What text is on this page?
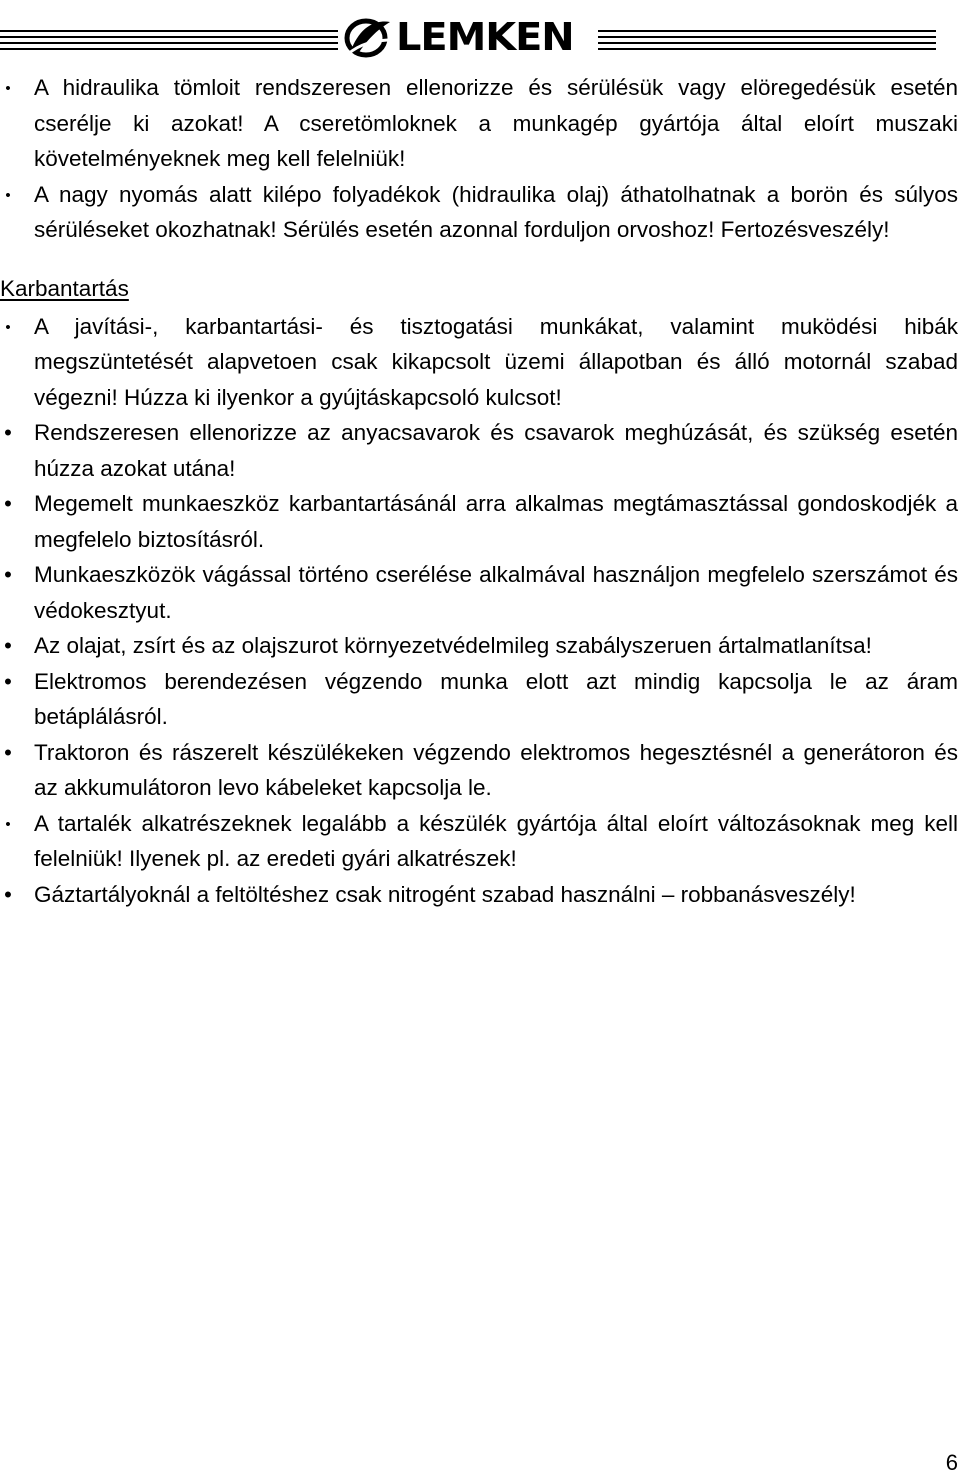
LEMKEN
• A hidraulika tömloit rendszeresen ellenorizze és sérülésük vagy elöregedésük esetén cserélje ki azokat! A cseretömloknek a munkagép gyártója által eloírt muszaki követelményeknek meg kell felelniük!
• A nagy nyomás alatt kilépo folyadékok (hidraulika olaj) áthatolhatnak a borön és súlyos sérüléseket okozhatnak! Sérülés esetén azonnal forduljon orvoshoz! Fertozésveszély!
Karbantartás
• A javítási-, karbantartási- és tisztogatási munkákat, valamint muködési hibák megszüntetését alapvetoen csak kikapcsolt üzemi állapotban és álló motornál szabad végezni! Húzza ki ilyenkor a gyújtáskapcsoló kulcsot!
• Rendszeresen ellenorizze az anyacsavarok és csavarok meghúzását, és szükség esetén húzza azokat utána!
• Megemelt munkaeszköz karbantartásánál arra alkalmas megtámasztással gondoskodjék a megfelelo biztosításról.
• Munkaeszközök vágással történo cserélése alkalmával használjon megfelelo szerszámot és védokesztyut.
• Az olajat, zsírt és az olajszurot környezetvédelmileg szabályszeruen ártalmatlanítsa!
• Elektromos berendezésen végzendo munka elott azt mindig kapcsolja le az áram betáplálásról.
• Traktoron és rászerelt készülékeken végzendo elektromos hegesztésnél a generátoron és az akkumulátoron levo kábeleket kapcsolja le.
• A tartalék alkatrészeknek legalább a készülék gyártója által eloírt változásoknak meg kell felelniük! Ilyenek pl. az eredeti gyári alkatrészek!
• Gáztartályoknál a feltöltéshez csak nitrogént szabad használni – robbanásveszély!
6
